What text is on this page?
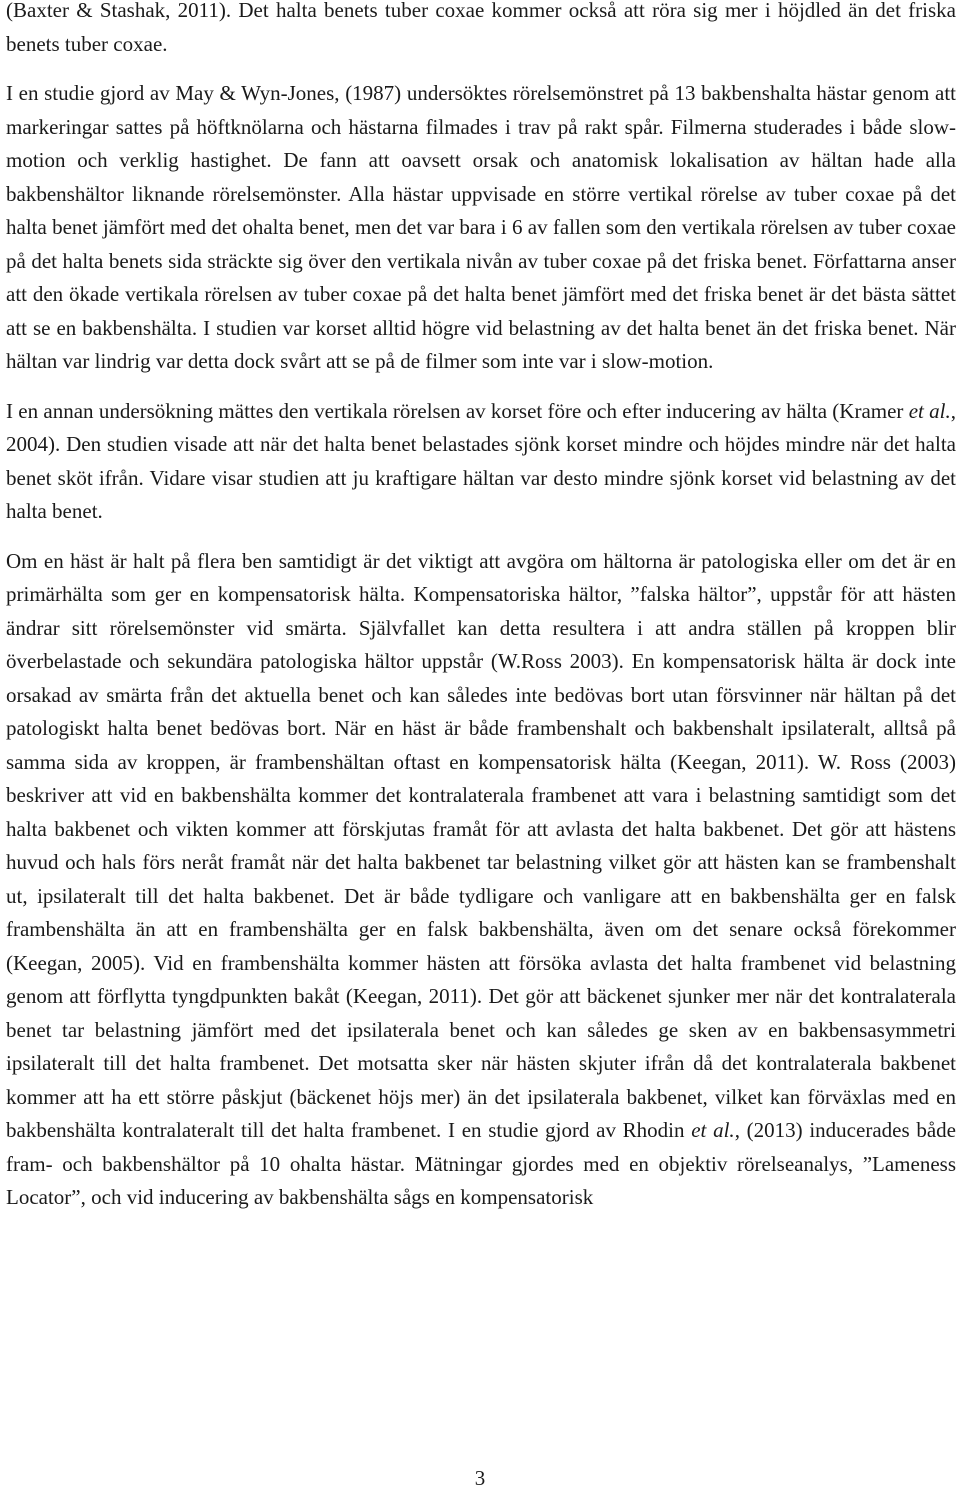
(Baxter & Stashak, 2011). Det halta benets tuber coxae kommer också att röra sig mer i höjdled än det friska benets tuber coxae.

I en studie gjord av May & Wyn-Jones, (1987) undersöktes rörelsemönstret på 13 bakbenshalta hästar genom att markeringar sattes på höftknölarna och hästarna filmades i trav på rakt spår. Filmerna studerades i både slow-motion och verklig hastighet. De fann att oavsett orsak och anatomisk lokalisation av hältan hade alla bakbenshältor liknande rörelsemönster. Alla hästar uppvisade en större vertikal rörelse av tuber coxae på det halta benet jämfört med det ohalta benet, men det var bara i 6 av fallen som den vertikala rörelsen av tuber coxae på det halta benets sida sträckte sig över den vertikala nivån av tuber coxae på det friska benet. Författarna anser att den ökade vertikala rörelsen av tuber coxae på det halta benet jämfört med det friska benet är det bästa sättet att se en bakbenshälta. I studien var korset alltid högre vid belastning av det halta benet än det friska benet. När hältan var lindrig var detta dock svårt att se på de filmer som inte var i slow-motion.

I en annan undersökning mättes den vertikala rörelsen av korset före och efter inducering av hälta (Kramer et al., 2004). Den studien visade att när det halta benet belastades sjönk korset mindre och höjdes mindre när det halta benet sköt ifrån. Vidare visar studien att ju kraftigare hältan var desto mindre sjönk korset vid belastning av det halta benet.

Om en häst är halt på flera ben samtidigt är det viktigt att avgöra om hältorna är patologiska eller om det är en primärhälta som ger en kompensatorisk hälta. Kompensatoriska hältor, ”falska hältor”, uppstår för att hästen ändrar sitt rörelsemönster vid smärta. Självfallet kan detta resultera i att andra ställen på kroppen blir överbelastade och sekundära patologiska hältor uppstår (W.Ross 2003). En kompensatorisk hälta är dock inte orsakad av smärta från det aktuella benet och kan således inte bedövas bort utan försvinner när hältan på det patologiskt halta benet bedövas bort. När en häst är både frambenshalt och bakbenshalt ipsilateralt, alltså på samma sida av kroppen, är frambenshältan oftast en kompensatorisk hälta (Keegan, 2011). W. Ross (2003) beskriver att vid en bakbenshälta kommer det kontralaterala frambenet att vara i belastning samtidigt som det halta bakbenet och vikten kommer att förskjutas framåt för att avlasta det halta bakbenet. Det gör att hästens huvud och hals förs neråt framåt när det halta bakbenet tar belastning vilket gör att hästen kan se frambenshalt ut, ipsilateralt till det halta bakbenet. Det är både tydligare och vanligare att en bakbenshälta ger en falsk frambenshälta än att en frambenshälta ger en falsk bakbenshälta, även om det senare också förekommer (Keegan, 2005). Vid en frambenshälta kommer hästen att försöka avlasta det halta frambenet vid belastning genom att förflytta tyngdpunkten bakåt (Keegan, 2011). Det gör att bäckenet sjunker mer när det kontralaterala benet tar belastning jämfört med det ipsilaterala benet och kan således ge sken av en bakbensasymmetri ipsilateralt till det halta frambenet. Det motsatta sker när hästen skjuter ifrån då det kontralaterala bakbenet kommer att ha ett större påskjut (bäckenet höjs mer) än det ipsilaterala bakbenet, vilket kan förväxlas med en bakbenshälta kontralateralt till det halta frambenet. I en studie gjord av Rhodin et al., (2013) inducerades både fram- och bakbenshältor på 10 ohalta hästar. Mätningar gjordes med en objektiv rörelseanalys, ”Lameness Locator”, och vid inducering av bakbenshälta sågs en kompensatorisk

3
